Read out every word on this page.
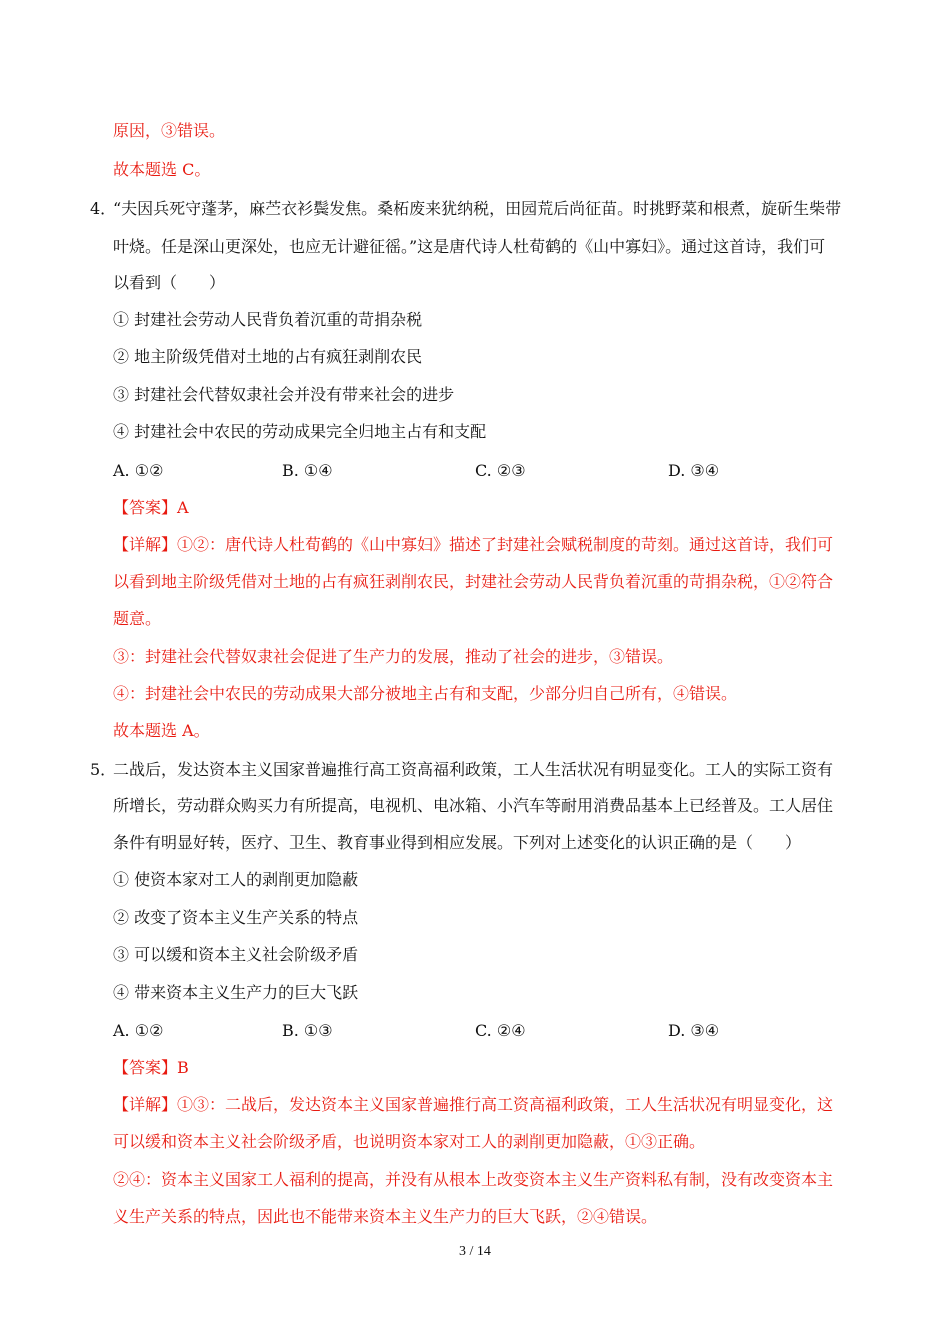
原因，③错误。
故本题选 C。
4．
“夫因兵死守蓬茅，麻苎衣衫鬓发焦。桑柘废来犹纳税，田园荒后尚征苗。时挑野菜和根煮，旋斫生柴带
叶烧。任是深山更深处，也应无计避征徭。”这是唐代诗人杜荀鹤的《山中寡妇》。通过这首诗，我们可
以看到（　　）
① 封建社会劳动人民背负着沉重的苛捐杂税
② 地主阶级凭借对土地的占有疯狂剥削农民
③ 封建社会代替奴隶社会并没有带来社会的进步
④ 封建社会中农民的劳动成果完全归地主占有和支配
A. ①②	B. ①④	C. ②③	D. ③④
【答案】A
【详解】①②：唐代诗人杜荀鹤的《山中寡妇》描述了封建社会赋税制度的苛刻。通过这首诗，我们可
以看到地主阶级凭借对土地的占有疯狂剥削农民，封建社会劳动人民背负着沉重的苛捐杂税，①②符合
题意。
③：封建社会代替奴隶社会促进了生产力的发展，推动了社会的进步，③错误。
④：封建社会中农民的劳动成果大部分被地主占有和支配，少部分归自己所有，④错误。
故本题选 A。
5．
二战后，发达资本主义国家普遍推行高工资高福利政策，工人生活状况有明显变化。工人的实际工资有
所增长，劳动群众购买力有所提高，电视机、电冰箱、小汽车等耐用消费品基本上已经普及。工人居住
条件有明显好转，医疗、卫生、教育事业得到相应发展。下列对上述变化的认识正确的是（　　）
① 使资本家对工人的剥削更加隐蔽
② 改变了资本主义生产关系的特点
③ 可以缓和资本主义社会阶级矛盾
④ 带来资本主义生产力的巨大飞跃
A. ①②	B. ①③	C. ②④	D. ③④
【答案】B
【详解】①③：二战后，发达资本主义国家普遍推行高工资高福利政策，工人生活状况有明显变化，这
可以缓和资本主义社会阶级矛盾，也说明资本家对工人的剥削更加隐蔽，①③正确。
②④：资本主义国家工人福利的提高，并没有从根本上改变资本主义生产资料私有制，没有改变资本主
义生产关系的特点，因此也不能带来资本主义生产力的巨大飞跃，②④错误。
3 / 14
